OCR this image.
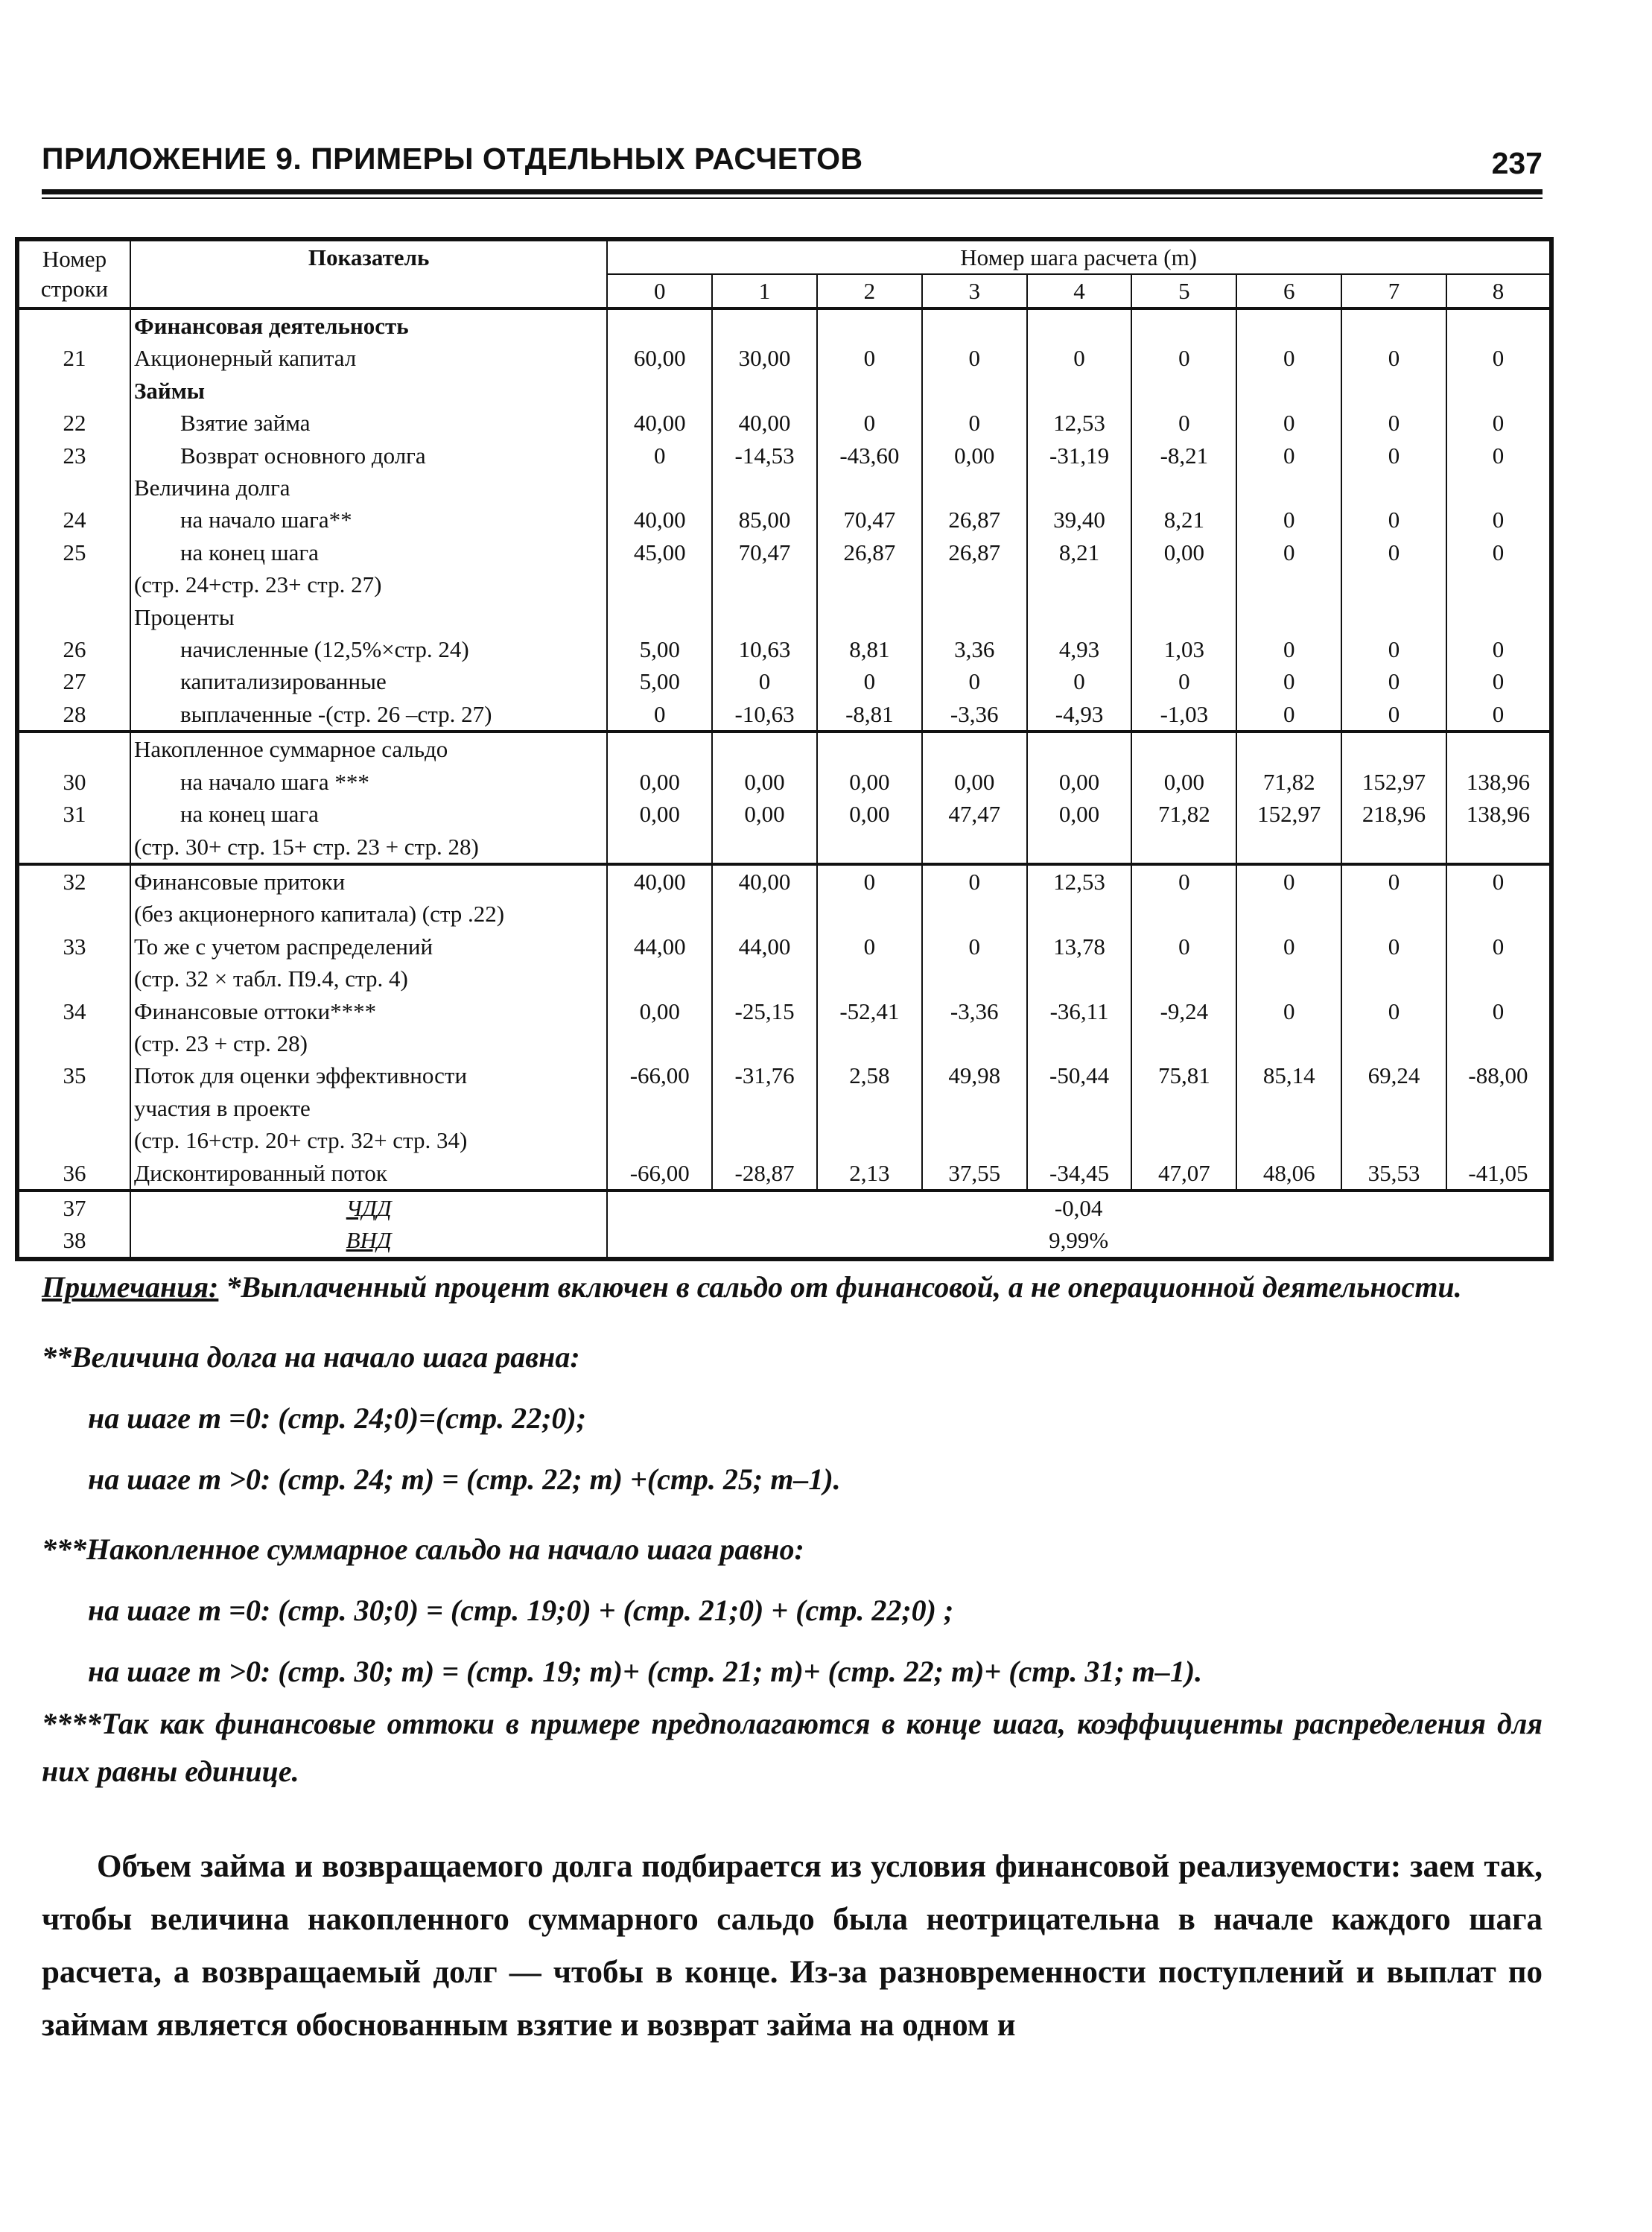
ПРИЛОЖЕНИЕ 9. ПРИМЕРЫ ОТДЕЛЬНЫХ РАСЧЕТОВ	237
Номер строки	Показатель	Номер шага расчета (m)								
		0	1	2	3	4	5	6	7	8
	Финансовая деятельность									
21	Акционерный капитал	60,00	30,00	0	0	0	0	0	0	0
	Займы									
22	Взятие займа	40,00	40,00	0	0	12,53	0	0	0	0
23	Возврат основного долга	0	-14,53	-43,60	0,00	-31,19	-8,21	0	0	0
	Величина долга									
24	на начало шага**	40,00	85,00	70,47	26,87	39,40	8,21	0	0	0
25	на конец шага	45,00	70,47	26,87	26,87	8,21	0,00	0	0	0
	(стр. 24+стр. 23+ стр. 27)									
	Проценты									
26	начисленные (12,5%×стр. 24)	5,00	10,63	8,81	3,36	4,93	1,03	0	0	0
27	капитализированные	5,00	0	0	0	0	0	0	0	0
28	выплаченные -(стр. 26 –стр. 27)	0	-10,63	-8,81	-3,36	-4,93	-1,03	0	0	0
	Накопленное суммарное сальдо									
30	на начало шага ***	0,00	0,00	0,00	0,00	0,00	0,00	71,82	152,97	138,96
31	на конец шага	0,00	0,00	0,00	47,47	0,00	71,82	152,97	218,96	138,96
	(стр. 30+ стр. 15+ стр. 23 + стр. 28)									
32	Финансовые притоки	40,00	40,00	0	0	12,53	0	0	0	0
	(без акционерного капитала) (стр .22)									
33	То же с учетом распределений	44,00	44,00	0	0	13,78	0	0	0	0
	(стр. 32 × табл. П9.4, стр. 4)									
34	Финансовые оттоки****	0,00	-25,15	-52,41	-3,36	-36,11	-9,24	0	0	0
	(стр. 23 + стр. 28)									
35	Поток для оценки эффективности	-66,00	-31,76	2,58	49,98	-50,44	75,81	85,14	69,24	-88,00
	участия в проекте									
	(стр. 16+стр. 20+ стр. 32+ стр. 34)									
36	Дисконтированный поток	-66,00	-28,87	2,13	37,55	-34,45	47,07	48,06	35,53	-41,05
37	ЧДД	-0,04								
38	ВНД	9,99%								

Примечания: *Выплаченный процент включен в сальдо от финансовой, а не операционной деятельности.

**Величина долга на начало шага равна:

на шаге m =0: (стр. 24;0)=(стр. 22;0);

на шаге m >0: (стр. 24; m) = (стр. 22; m) +(стр. 25; m–1).

***Накопленное суммарное сальдо на начало шага равно:

на шаге m =0: (стр. 30;0) = (стр. 19;0) + (стр. 21;0) + (стр. 22;0) ;

на шаге m >0: (стр. 30; m) = (стр. 19; m)+ (стр. 21; m)+ (стр. 22; m)+ (стр. 31; m–1).

****Так как финансовые оттоки в примере предполагаются в конце шага, коэффициенты распределения для них равны единице.

Объем займа и возвращаемого долга подбирается из условия финансовой реализуемости: заем так, чтобы величина накопленного суммарного сальдо была неотрицательна в начале каждого шага расчета, а возвращаемый долг — чтобы в конце. Из-за разновременности поступлений и выплат по займам является обоснованным взятие и возврат займа на одном и
